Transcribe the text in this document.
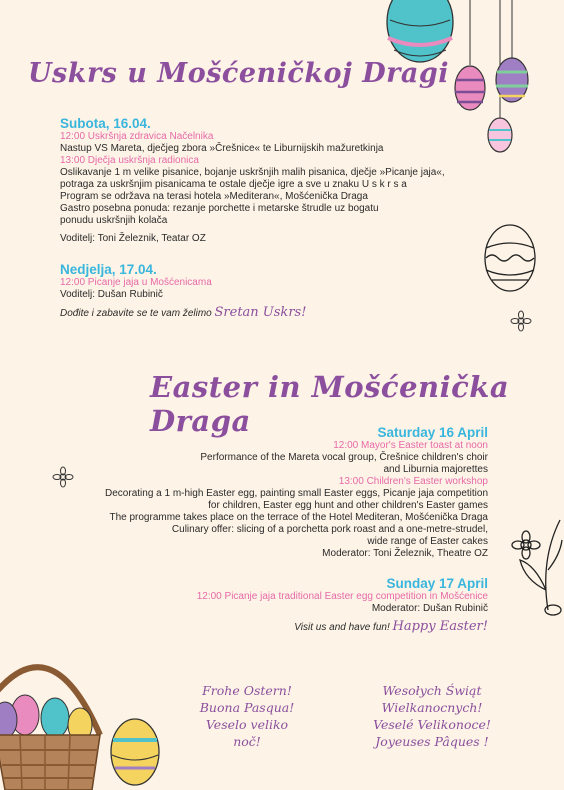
Uskrs u Mošćeničkoj Dragi
Subota, 16.04.
12:00 Uskršnja zdravica Načelnika
Nastup VS Mareta, dječjeg zbora »Črešnice« te Liburnijskih mažuretkinja
13:00 Dječja uskršnja radionica
Oslikavanje 1 m velike pisanice, bojanje uskršnjih malih pisanica, dječje »Picanje jaja«,
potraga za uskršnjim pisanicama te ostale dječje igre a sve u znaku U s k r s a
Program se održava na terasi hotela »Mediteran«, Mošćenička Draga
Gastro posebna ponuda: rezanje porchette i metarske štrudle uz bogatu
ponudu uskršnjih kolača
Voditelj: Toni Železnik, Teatar OZ
Nedjelja, 17.04.
12:00 Picanje jaja u Mošćenicama
Voditelj: Dušan Rubinič
Dođite i zabavite se te vam želimo Sretan Uskrs!
Easter in Mošćenička Draga	Saturday 16 April
12:00 Mayor's Easter toast at noon
Performance of the Mareta vocal group, Črešnice children's choir
and Liburnia majorettes
13:00 Children's Easter workshop
Decorating a 1 m-high Easter egg, painting small Easter eggs, Picanje jaja competition
for children, Easter egg hunt and other children's Easter games
The programme takes place on the terrace of the Hotel Mediteran, Mošćenička Draga
Culinary offer: slicing of a porchetta pork roast and a one-metre-strudel,
wide range of Easter cakes
Moderator: Toni Železnik, Theatre OZ
Sunday 17 April
12:00 Picanje jaja traditional Easter egg competition in Mošćenice
Moderator: Dušan Rubinič
Visit us and have fun! Happy Easter!
Frohe Ostern!
Buona Pasqua!
Veselo veliko noč!
Wesołych Świąt Wielkanocnych!
Veselé Velikonoce!
Joyeuses Pâques !
